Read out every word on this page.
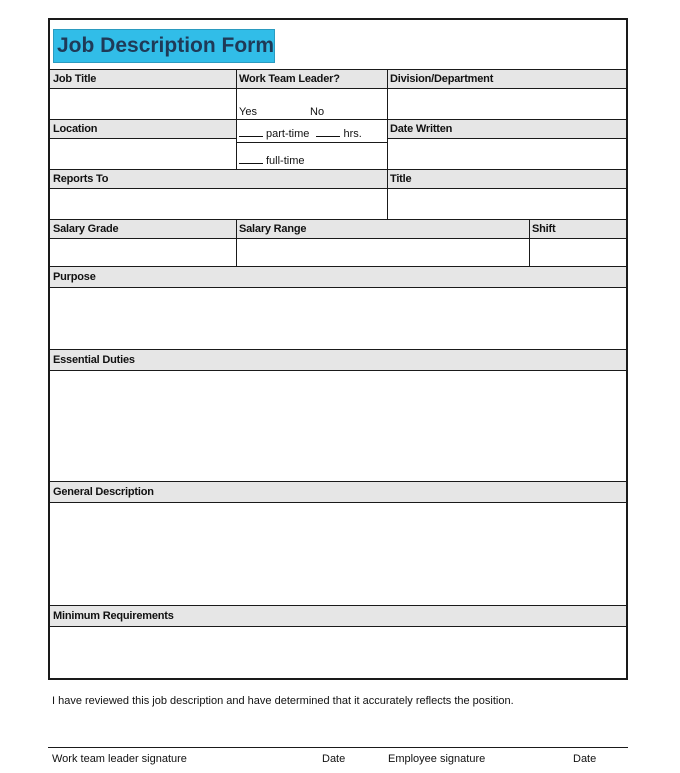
Job Description Form
Job Title	Work Team Leader?	Division/Department
Yes	No
Location	Date Written
part-time	hrs.
full-time
Reports To	Title
Salary Grade	Salary Range	Shift
Purpose
Essential Duties
General Description
Minimum Requirements
I have reviewed this job description and have determined that it accurately reflects the position.
Work team leader signature	Date	Employee signature	Date
